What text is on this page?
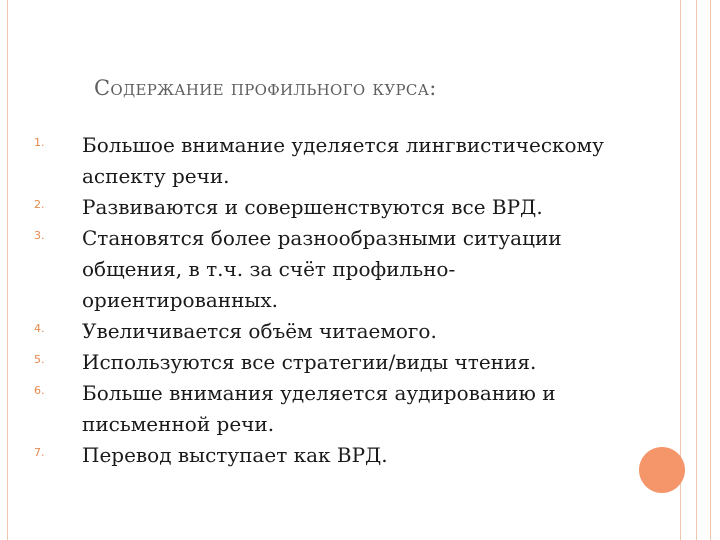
Содержание профильного курса:
1. Большое внимание уделяется лингвистическому аспекту речи.
2. Развиваются и совершенствуются все ВРД.
3. Становятся более разнообразными ситуации общения, в т.ч. за счёт профильно-ориентированных.
4. Увеличивается объём читаемого.
5. Используются все стратегии/виды чтения.
6. Больше внимания уделяется аудированию и письменной речи.
7. Перевод выступает как ВРД.
